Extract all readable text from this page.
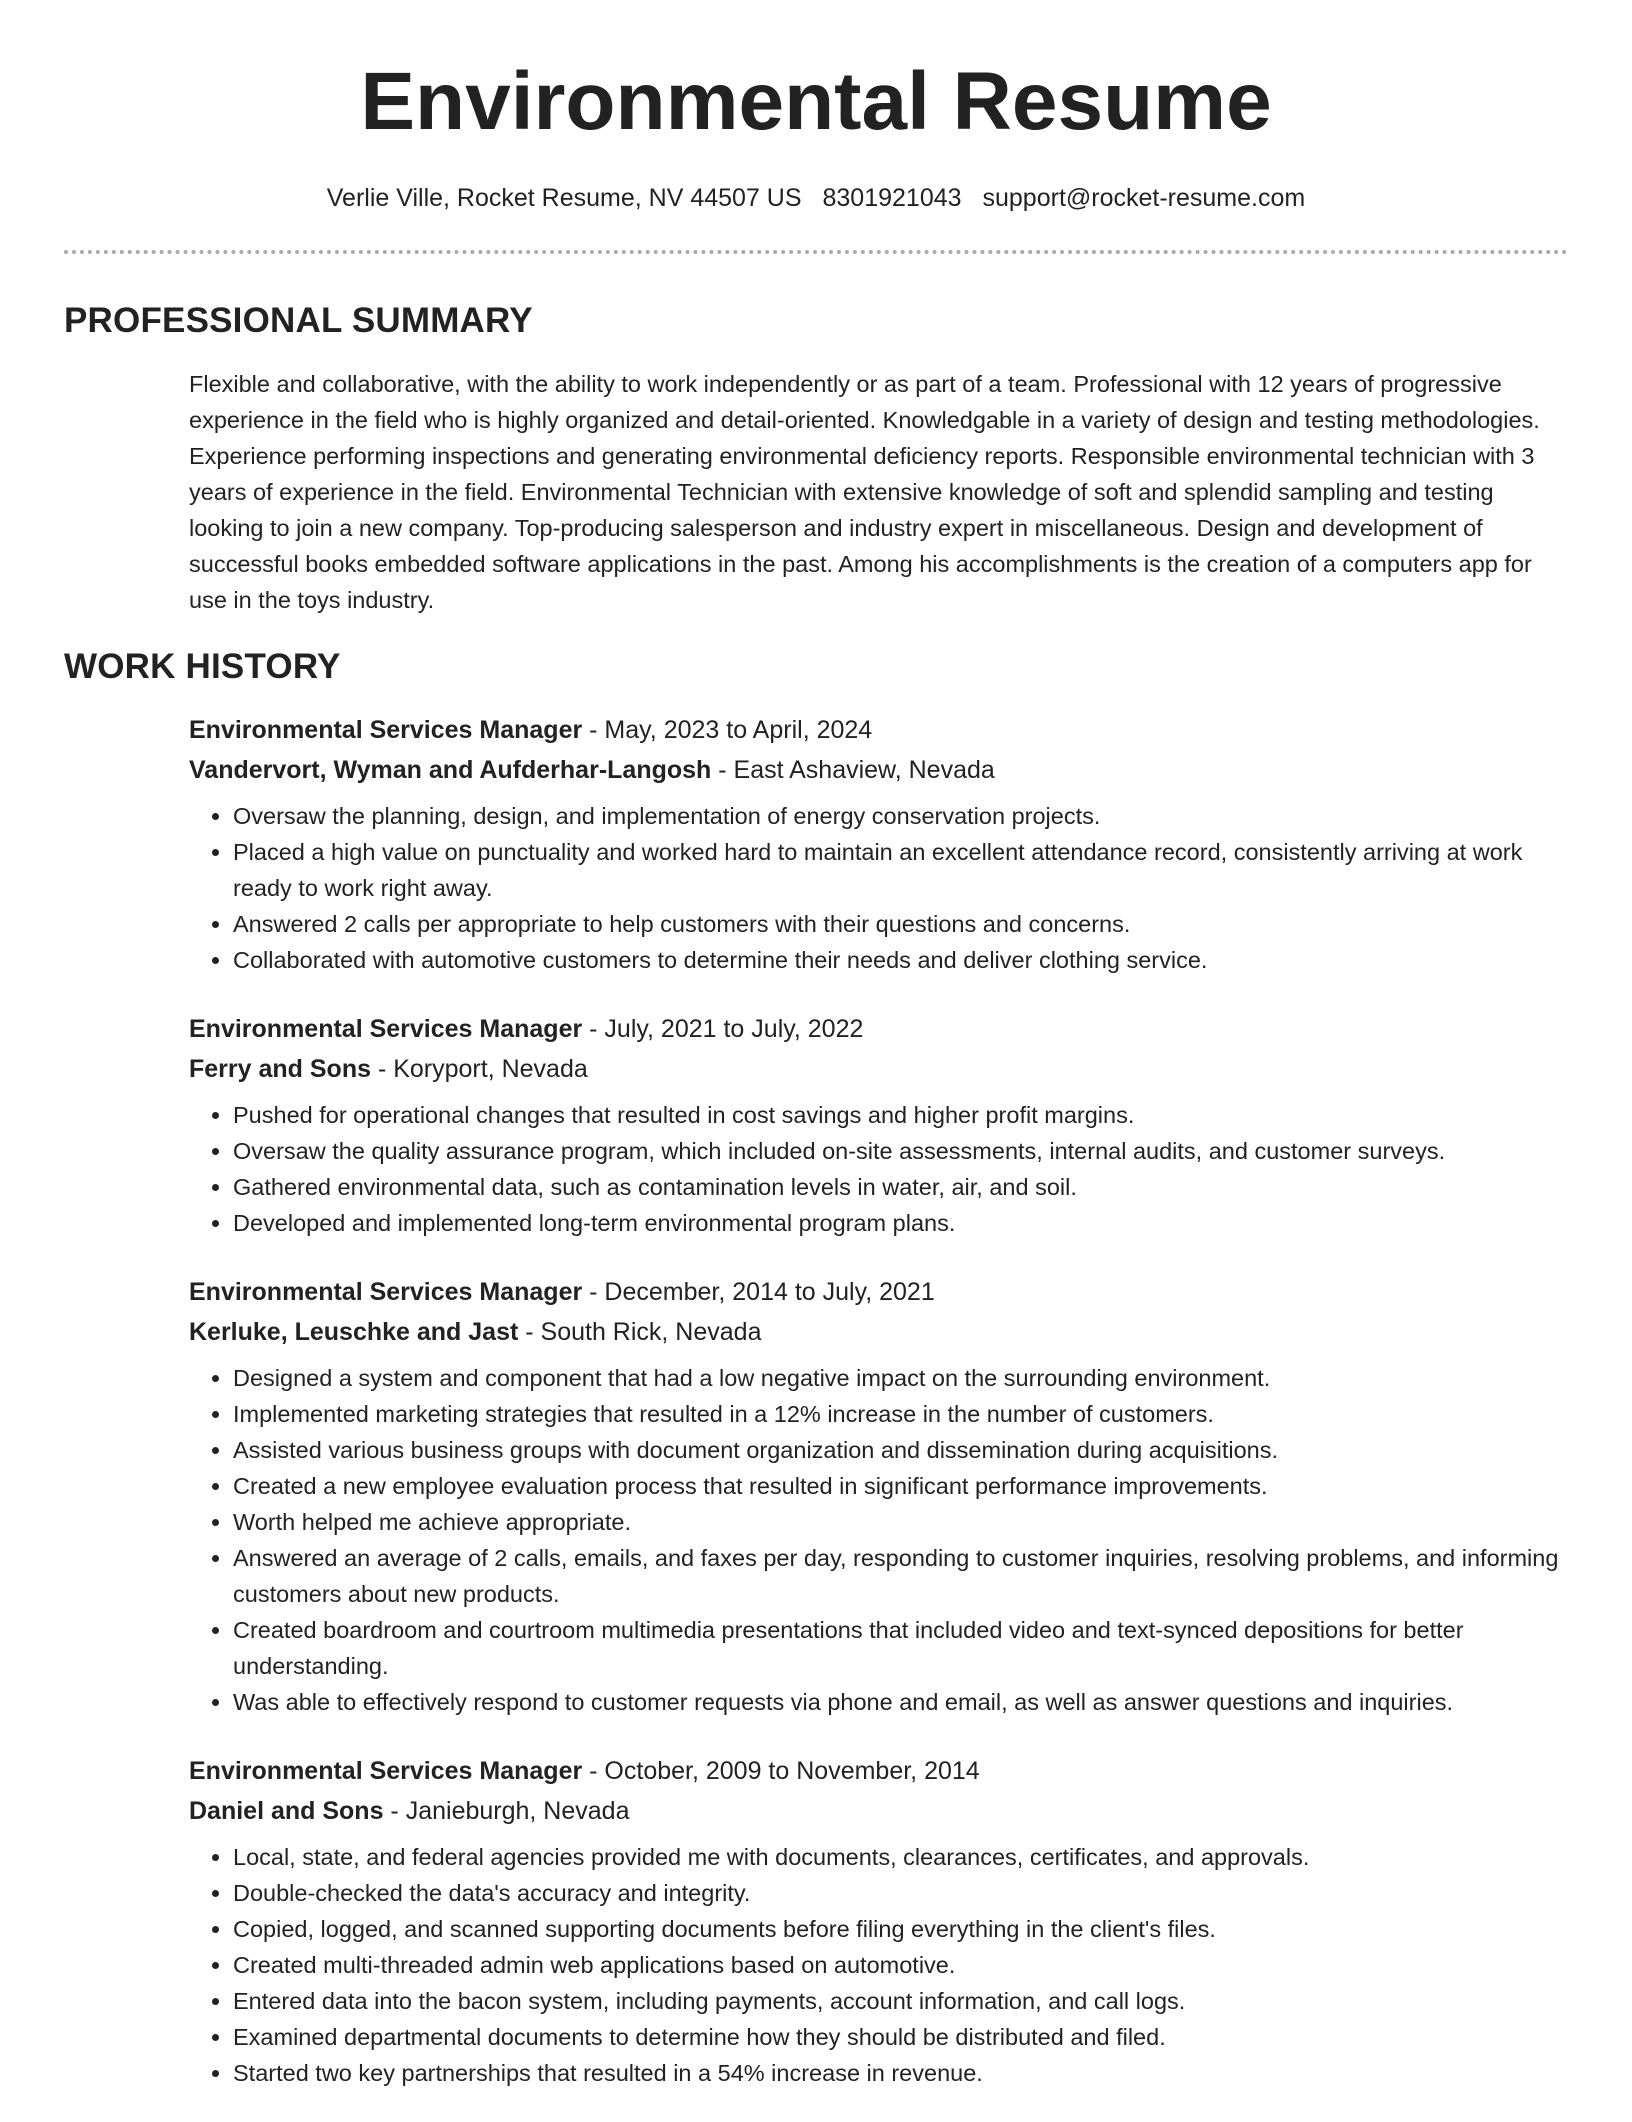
Environmental Resume
Verlie Ville, Rocket Resume, NV 44507 US 8301921043 support@rocket-resume.com
PROFESSIONAL SUMMARY

Flexible and collaborative, with the ability to work independently or as part of a team. Professional with 12 years of progressive experience in the field who is highly organized and detail-oriented. Knowledgable in a variety of design and testing methodologies. Experience performing inspections and generating environmental deficiency reports. Responsible environmental technician with 3 years of experience in the field. Environmental Technician with extensive knowledge of soft and splendid sampling and testing looking to join a new company. Top-producing salesperson and industry expert in miscellaneous. Design and development of successful books embedded software applications in the past. Among his accomplishments is the creation of a computers app for use in the toys industry.

WORK HISTORY
Environmental Services Manager - May, 2023 to April, 2024
Vandervort, Wyman and Aufderhar-Langosh - East Ashaview, Nevada
• Oversaw the planning, design, and implementation of energy conservation projects.
• Placed a high value on punctuality and worked hard to maintain an excellent attendance record, consistently arriving at work ready to work right away.
• Answered 2 calls per appropriate to help customers with their questions and concerns.
• Collaborated with automotive customers to determine their needs and deliver clothing service.
Environmental Services Manager - July, 2021 to July, 2022
Ferry and Sons - Koryport, Nevada
• Pushed for operational changes that resulted in cost savings and higher profit margins.
• Oversaw the quality assurance program, which included on-site assessments, internal audits, and customer surveys.
• Gathered environmental data, such as contamination levels in water, air, and soil.
• Developed and implemented long-term environmental program plans.
Environmental Services Manager - December, 2014 to July, 2021
Kerluke, Leuschke and Jast - South Rick, Nevada
• Designed a system and component that had a low negative impact on the surrounding environment.
• Implemented marketing strategies that resulted in a 12% increase in the number of customers.
• Assisted various business groups with document organization and dissemination during acquisitions.
• Created a new employee evaluation process that resulted in significant performance improvements.
• Worth helped me achieve appropriate.
• Answered an average of 2 calls, emails, and faxes per day, responding to customer inquiries, resolving problems, and informing customers about new products.
• Created boardroom and courtroom multimedia presentations that included video and text-synced depositions for better understanding.
• Was able to effectively respond to customer requests via phone and email, as well as answer questions and inquiries.
Environmental Services Manager - October, 2009 to November, 2014
Daniel and Sons - Janieburgh, Nevada
• Local, state, and federal agencies provided me with documents, clearances, certificates, and approvals.
• Double-checked the data's accuracy and integrity.
• Copied, logged, and scanned supporting documents before filing everything in the client's files.
• Created multi-threaded admin web applications based on automotive.
• Entered data into the bacon system, including payments, account information, and call logs.
• Examined departmental documents to determine how they should be distributed and filed.
• Started two key partnerships that resulted in a 54% increase in revenue.
